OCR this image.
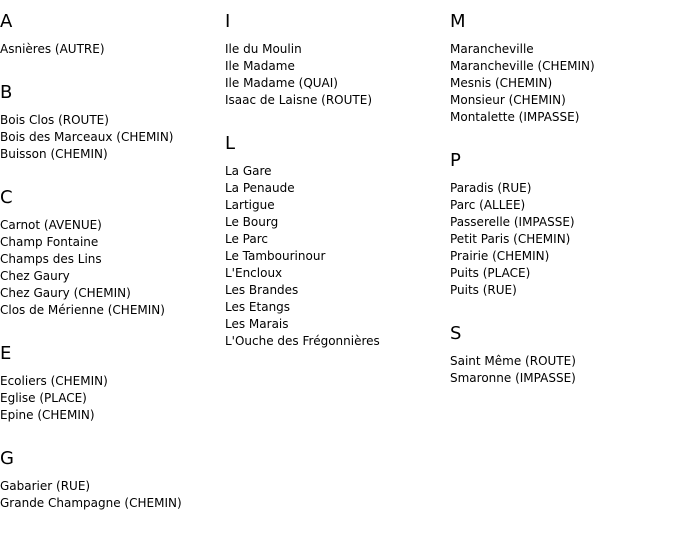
A
Asnières (AUTRE)
B
Bois Clos (ROUTE)
Bois des Marceaux (CHEMIN)
Buisson (CHEMIN)
C
Carnot (AVENUE)
Champ Fontaine
Champs des Lins
Chez Gaury
Chez Gaury (CHEMIN)
Clos de Mérienne (CHEMIN)
E
Ecoliers (CHEMIN)
Eglise (PLACE)
Epine (CHEMIN)
G
Gabarier (RUE)
Grande Champagne (CHEMIN)
I
Ile du Moulin
Ile Madame
Ile Madame (QUAI)
Isaac de Laisne (ROUTE)
L
La Gare
La Penaude
Lartigue
Le Bourg
Le Parc
Le Tambourinour
L'Encloux
Les Brandes
Les Etangs
Les Marais
L'Ouche des Frégonnières
M
Marancheville
Marancheville (CHEMIN)
Mesnis (CHEMIN)
Monsieur (CHEMIN)
Montalette (IMPASSE)
P
Paradis (RUE)
Parc (ALLEE)
Passerelle (IMPASSE)
Petit Paris (CHEMIN)
Prairie (CHEMIN)
Puits (PLACE)
Puits (RUE)
S
Saint Même (ROUTE)
Smaronne (IMPASSE)
